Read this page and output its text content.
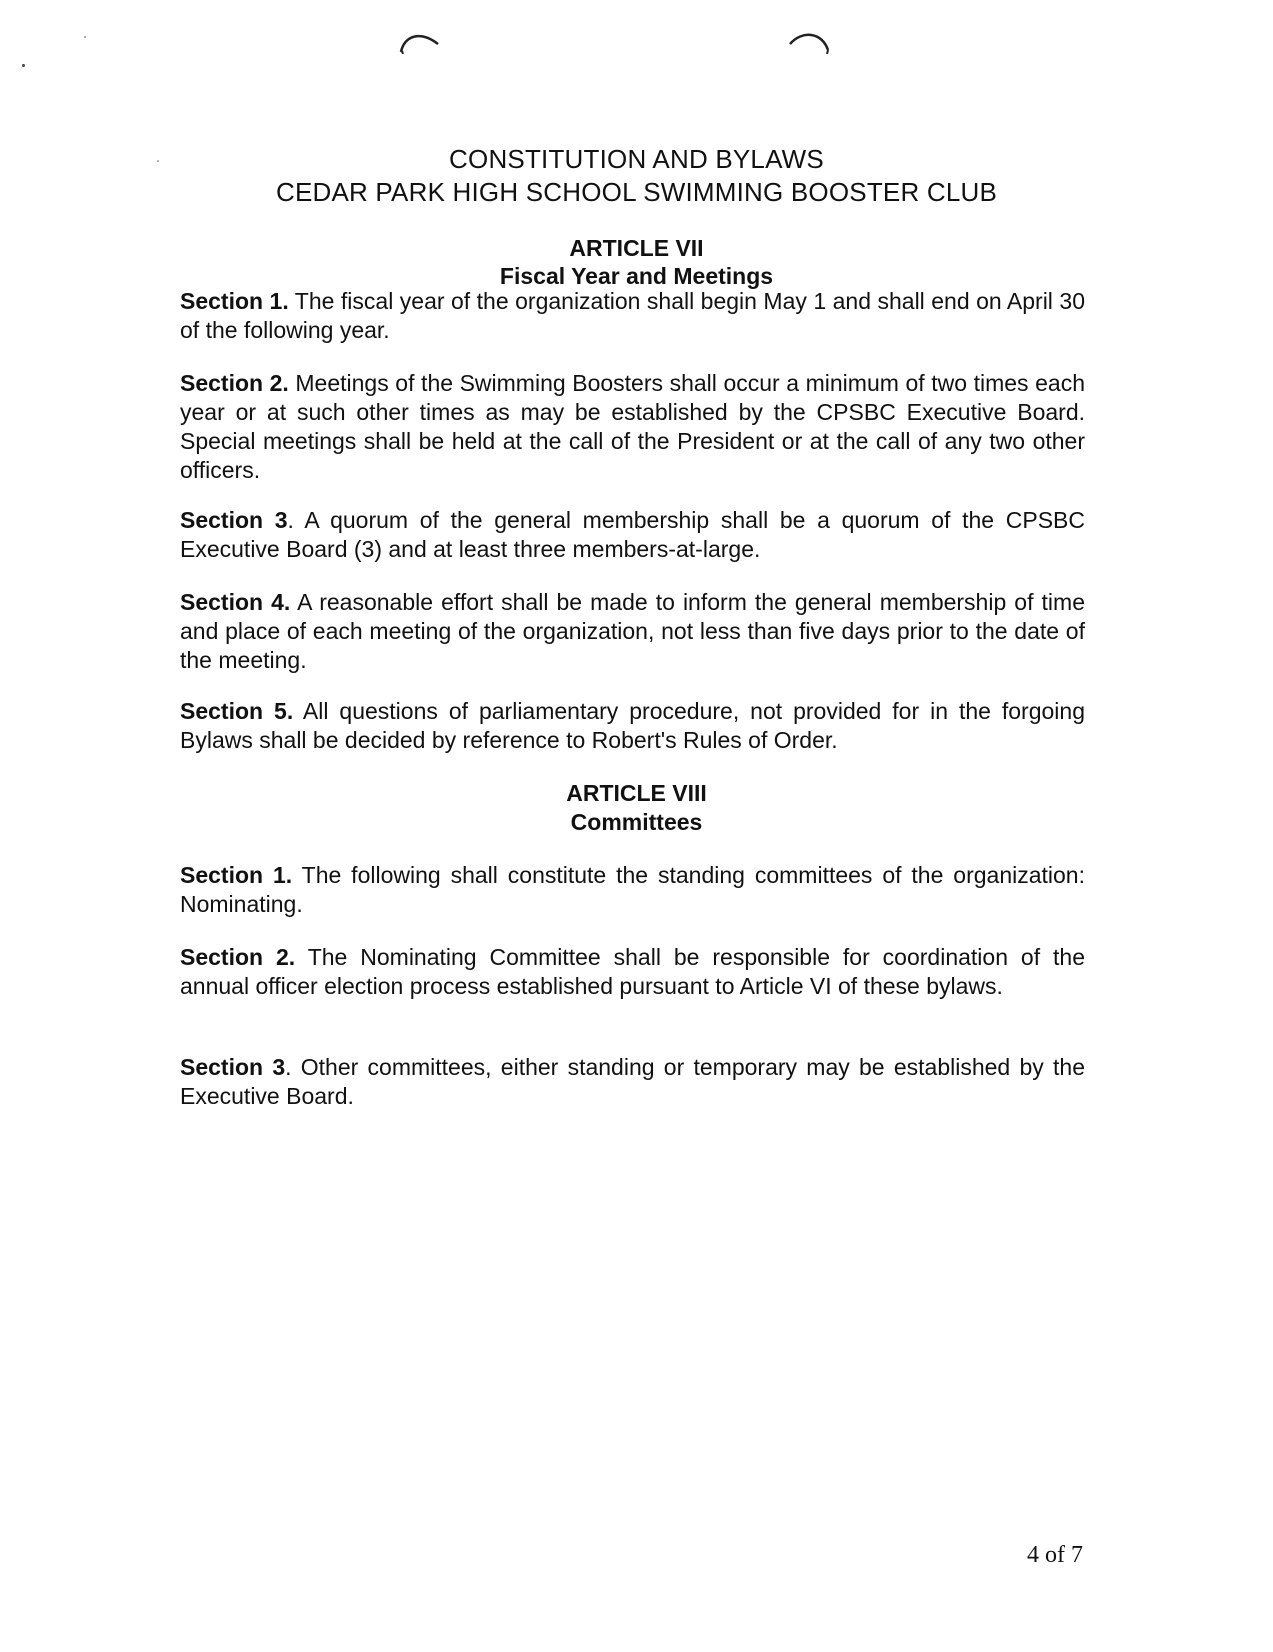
CONSTITUTION AND BYLAWS
CEDAR PARK HIGH SCHOOL SWIMMING BOOSTER CLUB
ARTICLE VII
Fiscal Year and Meetings
Section 1. The fiscal year of the organization shall begin May 1 and shall end on April 30 of the following year.
Section 2. Meetings of the Swimming Boosters shall occur a minimum of two times each year or at such other times as may be established by the CPSBC Executive Board. Special meetings shall be held at the call of the President or at the call of any two other officers.
Section 3. A quorum of the general membership shall be a quorum of the CPSBC Executive Board (3) and at least three members-at-large.
Section 4. A reasonable effort shall be made to inform the general membership of time and place of each meeting of the organization, not less than five days prior to the date of the meeting.
Section 5. All questions of parliamentary procedure, not provided for in the forgoing Bylaws shall be decided by reference to Robert's Rules of Order.
ARTICLE VIII
Committees
Section 1. The following shall constitute the standing committees of the organization: Nominating.
Section 2. The Nominating Committee shall be responsible for coordination of the annual officer election process established pursuant to Article VI of these bylaws.
Section 3. Other committees, either standing or temporary may be established by the Executive Board.
4 of 7
